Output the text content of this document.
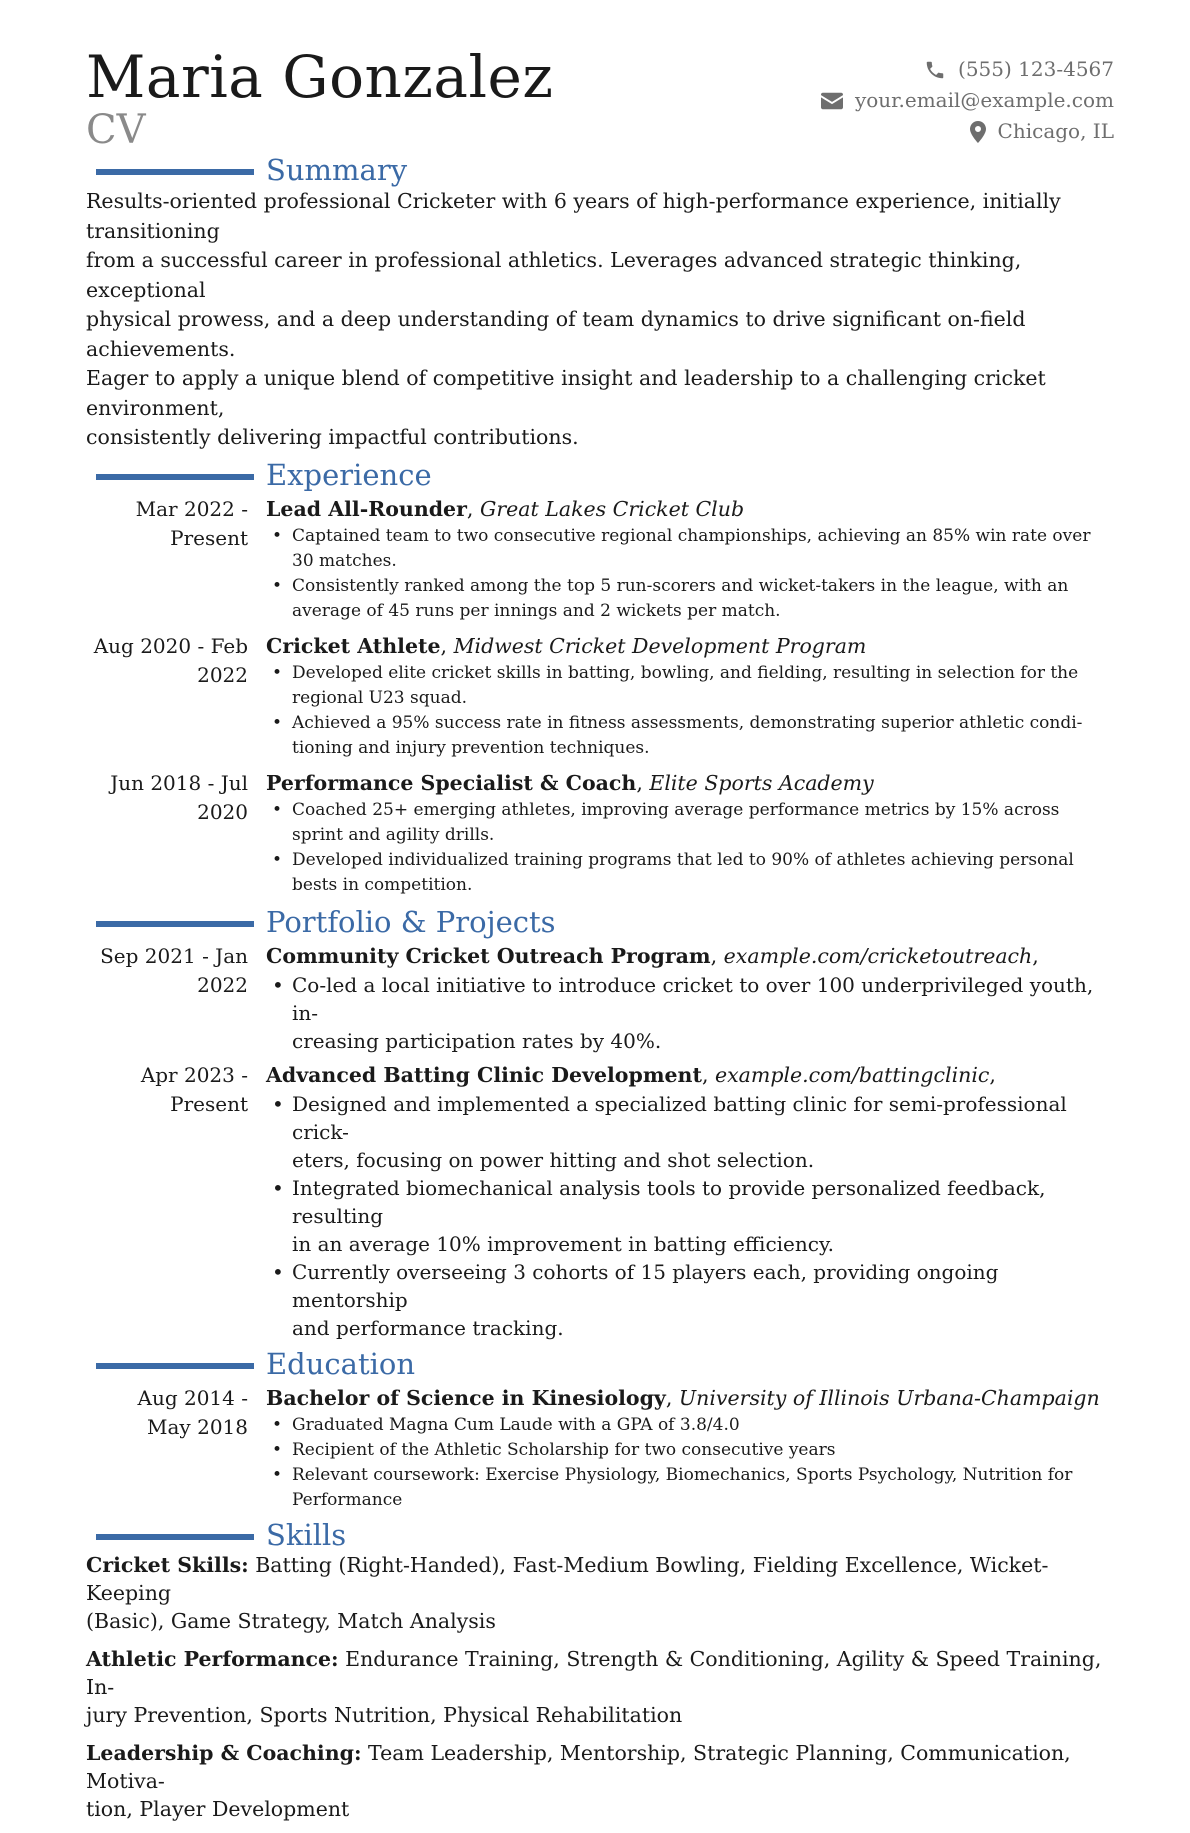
Maria Gonzalez
CV
(555) 123-4567
your.email@example.com
Chicago, IL
Summary
Results-oriented professional Cricketer with 6 years of high-performance experience, initially transitioning
from a successful career in professional athletics. Leverages advanced strategic thinking, exceptional
physical prowess, and a deep understanding of team dynamics to drive significant on-field achievements.
Eager to apply a unique blend of competitive insight and leadership to a challenging cricket environment,
consistently delivering impactful contributions.
Experience
Mar 2022 -
Present
Lead All-Rounder, Great Lakes Cricket Club
• Captained team to two consecutive regional championships, achieving an 85% win rate over
30 matches.
• Consistently ranked among the top 5 run-scorers and wicket-takers in the league, with an
average of 45 runs per innings and 2 wickets per match.
Aug 2020 - Feb
2022
Cricket Athlete, Midwest Cricket Development Program
• Developed elite cricket skills in batting, bowling, and fielding, resulting in selection for the
regional U23 squad.
• Achieved a 95% success rate in fitness assessments, demonstrating superior athletic condi-
tioning and injury prevention techniques.
Jun 2018 - Jul
2020
Performance Specialist & Coach, Elite Sports Academy
• Coached 25+ emerging athletes, improving average performance metrics by 15% across
sprint and agility drills.
• Developed individualized training programs that led to 90% of athletes achieving personal
bests in competition.
Portfolio & Projects
Sep 2021 - Jan
2022
Community Cricket Outreach Program, example.com/cricketoutreach,
• Co-led a local initiative to introduce cricket to over 100 underprivileged youth, in-
creasing participation rates by 40%.
Apr 2023 -
Present
Advanced Batting Clinic Development, example.com/battingclinic,
• Designed and implemented a specialized batting clinic for semi-professional crick-
eters, focusing on power hitting and shot selection.
• Integrated biomechanical analysis tools to provide personalized feedback, resulting
in an average 10% improvement in batting efficiency.
• Currently overseeing 3 cohorts of 15 players each, providing ongoing mentorship
and performance tracking.
Education
Aug 2014 -
May 2018
Bachelor of Science in Kinesiology, University of Illinois Urbana-Champaign
• Graduated Magna Cum Laude with a GPA of 3.8/4.0
• Recipient of the Athletic Scholarship for two consecutive years
• Relevant coursework: Exercise Physiology, Biomechanics, Sports Psychology, Nutrition for
Performance
Skills
Cricket Skills: Batting (Right-Handed), Fast-Medium Bowling, Fielding Excellence, Wicket-Keeping
(Basic), Game Strategy, Match Analysis
Athletic Performance: Endurance Training, Strength & Conditioning, Agility & Speed Training, In-
jury Prevention, Sports Nutrition, Physical Rehabilitation
Leadership & Coaching: Team Leadership, Mentorship, Strategic Planning, Communication, Motiva-
tion, Player Development
